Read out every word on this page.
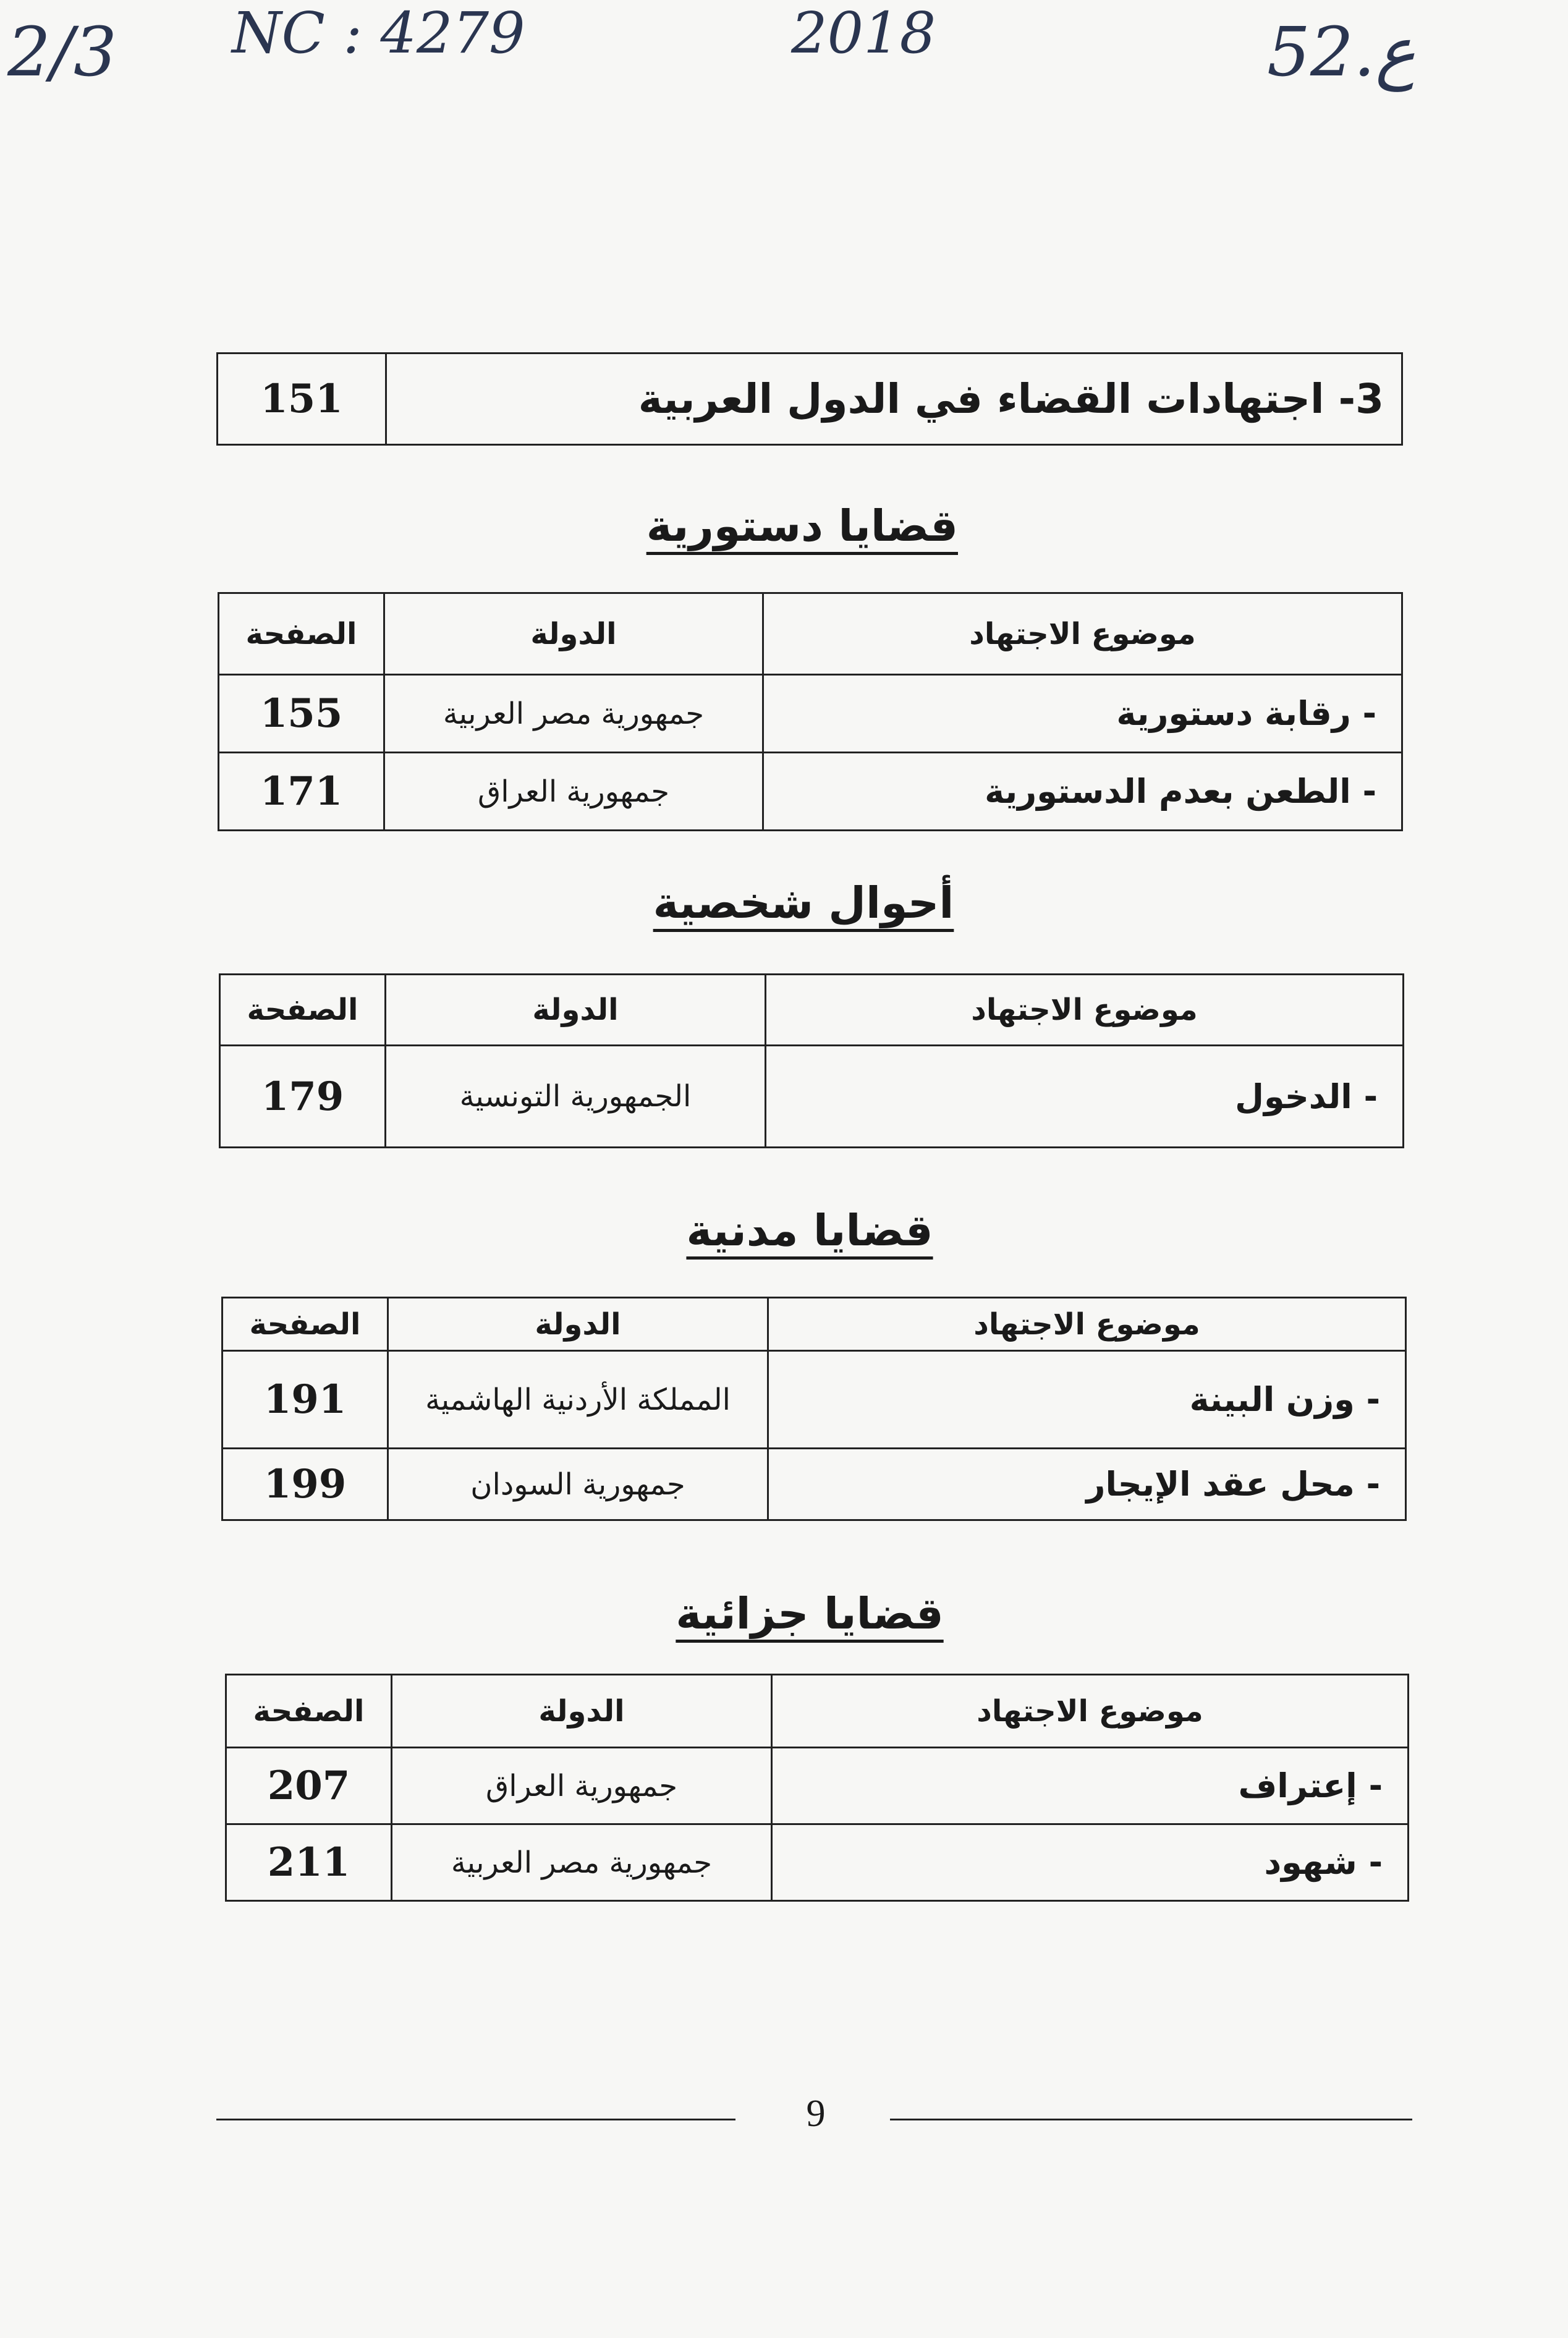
2/3 NC : 4279	2018	52.ع
151	3- اجتهادات القضاء في الدول العربية
قضايا دستورية
الصفحة	الدولة	موضوع الاجتهاد
155	جمهورية مصر العربية	- رقابة دستورية
171	جمهورية العراق	- الطعن بعدم الدستورية
أحوال شخصية
الصفحة	الدولة	موضوع الاجتهاد
179	الجمهورية التونسية	- الدخول
قضايا مدنية
الصفحة	الدولة	موضوع الاجتهاد
191	المملكة الأردنية الهاشمية	- وزن البينة
199	جمهورية السودان	- محل عقد الإيجار
قضايا جزائية
الصفحة	الدولة	موضوع الاجتهاد
207	جمهورية العراق	- إعتراف
211	جمهورية مصر العربية	- شهود
9
